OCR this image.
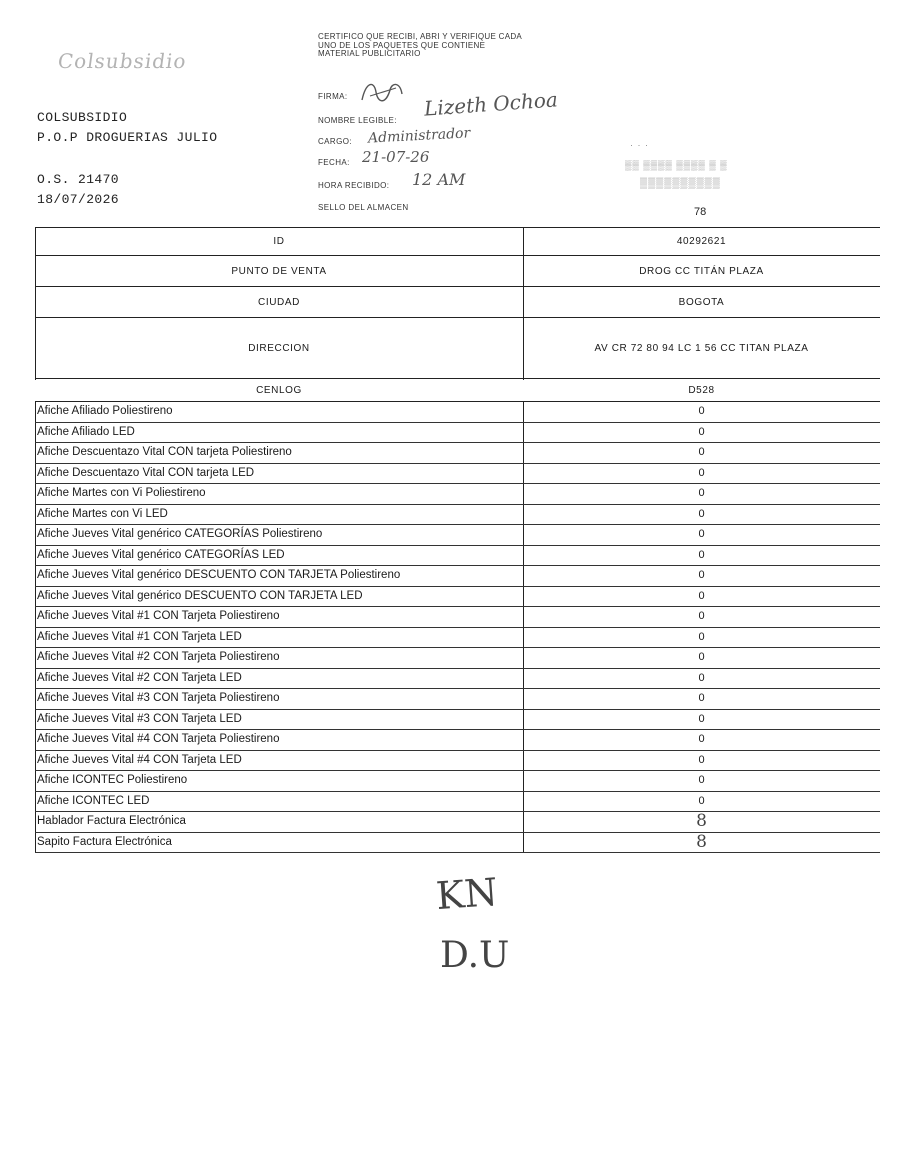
Colsubsidio
COLSUBSIDIO
P.O.P DROGUERIAS JULIO
O.S. 21470
18/07/2026
CERTIFICO QUE RECIBI, ABRI Y VERIFIQUE CADA UNO DE LOS PAQUETES QUE CONTIENE MATERIAL PUBLICITARIO
FIRMA:
NOMBRE LEGIBLE:
CARGO:
FECHA:
HORA RECIBIDO:
SELLO DEL ALMACEN
Lizeth Ochoa
Administrador
21-07-26
12 AM
· · ·
▒▒ ▒▒▒▒ ▒▒▒▒ ▒ ▒
▒▒▒▒▒▒▒▒▒▒
78
ID	40292621
PUNTO DE VENTA	DROG CC TITÁN PLAZA
CIUDAD	BOGOTA
DIRECCION	AV CR 72 80 94 LC 1 56 CC TITAN PLAZA
CENLOG	D528
Afiche Afiliado Poliestireno	0
Afiche Afiliado LED	0
Afiche Descuentazo Vital CON tarjeta Poliestireno	0
Afiche Descuentazo Vital CON tarjeta LED	0
Afiche Martes con Vi Poliestireno	0
Afiche Martes con Vi LED	0
Afiche Jueves Vital genérico CATEGORÍAS Poliestireno	0
Afiche Jueves Vital genérico CATEGORÍAS LED	0
Afiche Jueves Vital genérico DESCUENTO CON TARJETA Poliestireno	0
Afiche Jueves Vital genérico DESCUENTO CON TARJETA LED	0
Afiche Jueves Vital #1 CON Tarjeta Poliestireno	0
Afiche Jueves Vital #1 CON Tarjeta LED	0
Afiche Jueves Vital #2 CON Tarjeta Poliestireno	0
Afiche Jueves Vital #2 CON Tarjeta LED	0
Afiche Jueves Vital #3 CON Tarjeta Poliestireno	0
Afiche Jueves Vital #3 CON Tarjeta LED	0
Afiche Jueves Vital #4 CON Tarjeta Poliestireno	0
Afiche Jueves Vital #4 CON Tarjeta LED	0
Afiche ICONTEC Poliestireno	0
Afiche ICONTEC LED	0
Hablador Factura Electrónica	8
Sapito Factura Electrónica	8
KN
D.U
